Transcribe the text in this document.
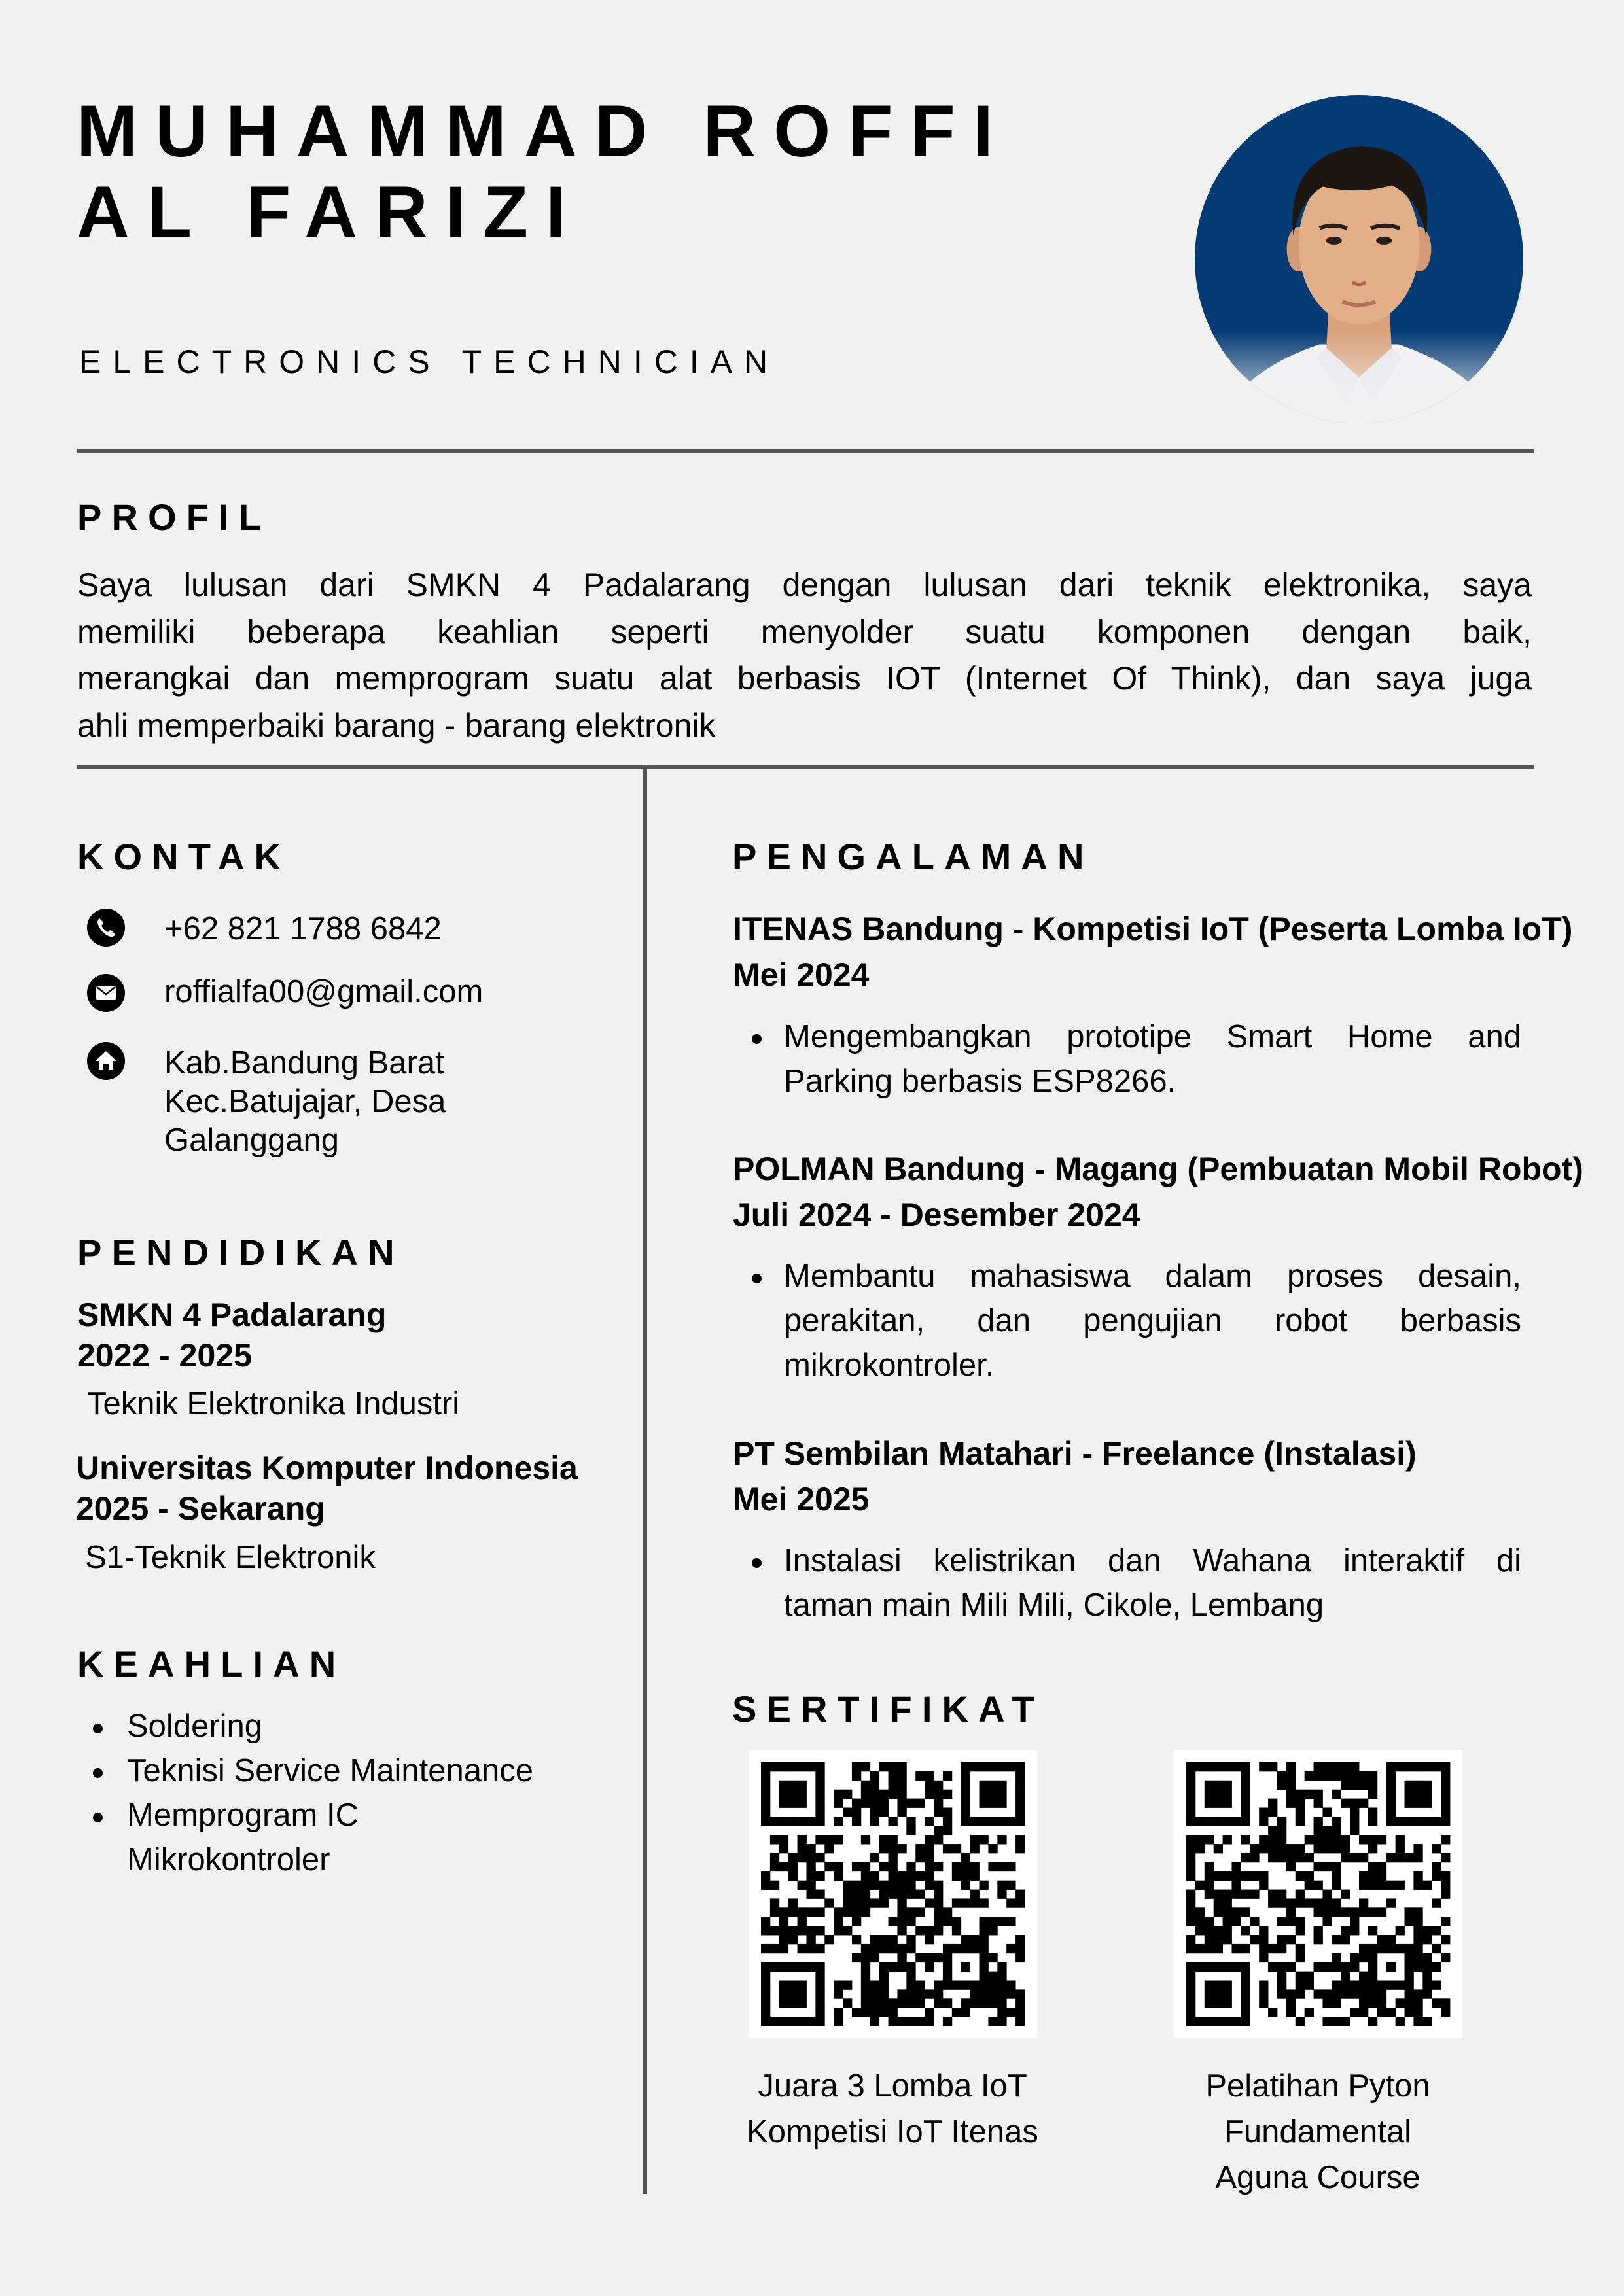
MUHAMMAD ROFFI
AL FARIZI
ELECTRONICS TECHNICIAN
PROFIL
Saya lulusan dari SMKN 4 Padalarang dengan lulusan dari teknik elektronika, saya
memiliki beberapa keahlian seperti menyolder suatu komponen dengan baik,
merangkai dan memprogram suatu alat berbasis IOT (Internet Of Think), dan saya juga
ahli memperbaiki barang - barang elektronik
KONTAK
+62 821 1788 6842
roffialfa00@gmail.com
Kab.Bandung Barat
Kec.Batujajar, Desa
Galanggang
PENDIDIKAN
SMKN 4 Padalarang
2022 - 2025
Teknik Elektronika Industri
Universitas Komputer Indonesia
2025 - Sekarang
S1-Teknik Elektronik
KEAHLIAN
Soldering
Teknisi Service Maintenance
Memprogram IC
Mikrokontroler
PENGALAMAN
ITENAS Bandung - Kompetisi IoT (Peserta Lomba IoT)
Mei 2024
Mengembangkan prototipe Smart Home and
Parking berbasis ESP8266.
POLMAN Bandung - Magang (Pembuatan Mobil Robot)
Juli 2024 - Desember 2024
Membantu mahasiswa dalam proses desain,
perakitan, dan pengujian robot berbasis
mikrokontroler.
PT Sembilan Matahari - Freelance (Instalasi)
Mei 2025
Instalasi kelistrikan dan Wahana interaktif di
taman main Mili Mili, Cikole, Lembang
SERTIFIKAT
Juara 3 Lomba IoT
Kompetisi IoT Itenas
Pelatihan Pyton
Fundamental
Aguna Course
